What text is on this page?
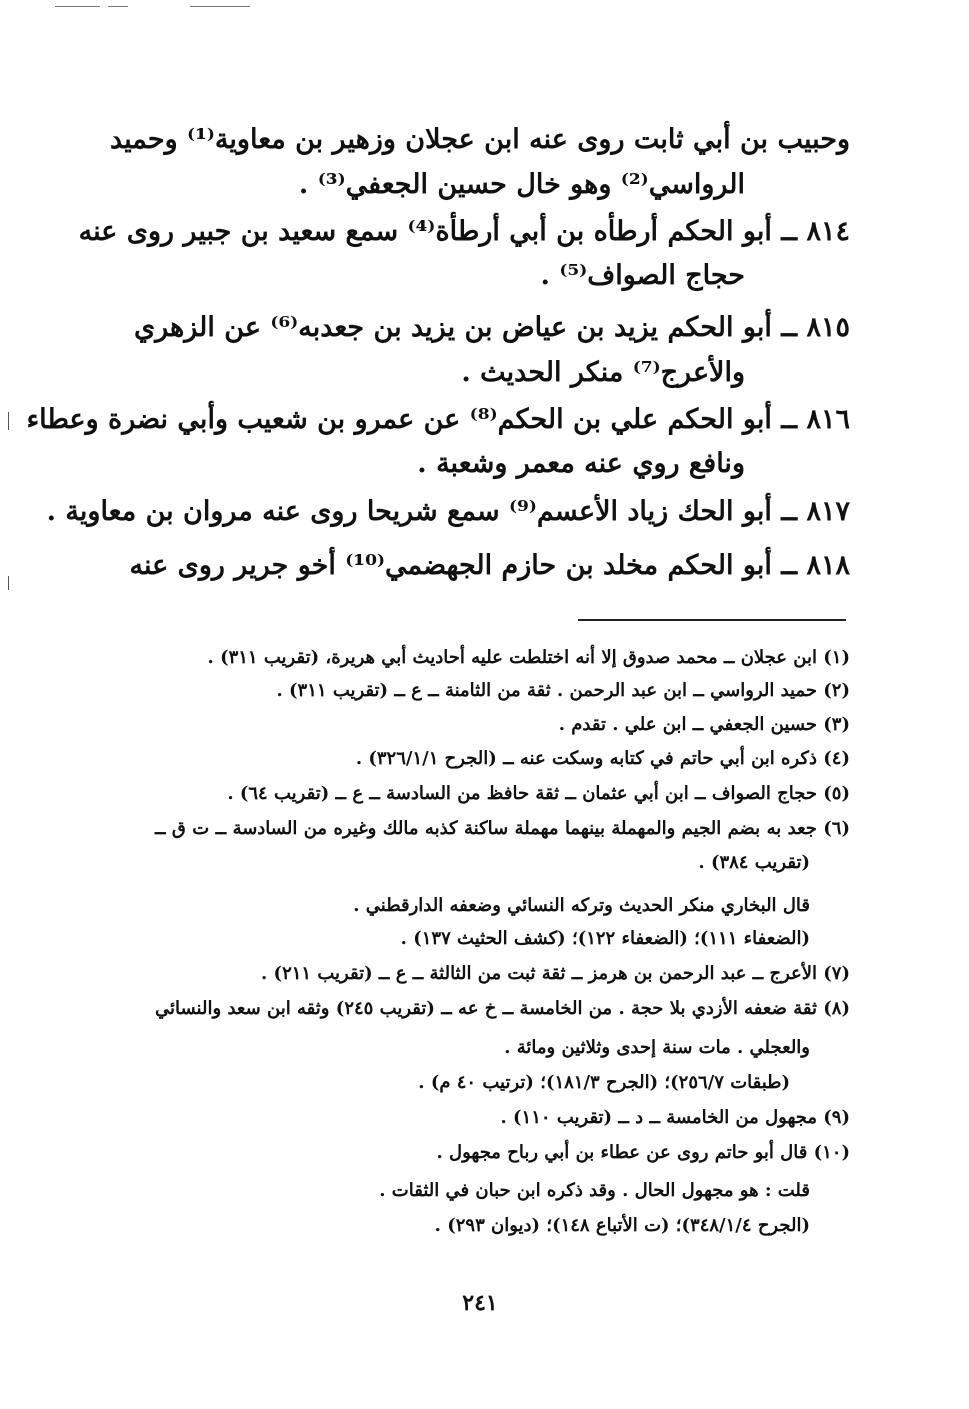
وحبيب بن أبي ثابت روى عنه ابن عجلان وزهير بن معاوية⁽¹⁾ وحميد
الرواسي⁽²⁾ وهو خال حسين الجعفي⁽³⁾ .
٨١٤ ــ أبو الحكم أرطأه بن أبي أرطأة⁽⁴⁾ سمع سعيد بن جبير روى عنه
حجاج الصواف⁽⁵⁾ .
٨١٥ ــ أبو الحكم يزيد بن عياض بن يزيد بن جعدبه⁽⁶⁾ عن الزهري
والأعرج⁽⁷⁾ منكر الحديث .
٨١٦ ــ أبو الحكم علي بن الحكم⁽⁸⁾ عن عمرو بن شعيب وأبي نضرة وعطاء
ونافع روي عنه معمر وشعبة .
٨١٧ ــ أبو الحك زياد الأعسم⁽⁹⁾ سمع شريحا روى عنه مروان بن معاوية .
٨١٨ ــ أبو الحكم مخلد بن حازم الجهضمي⁽¹⁰⁾ أخو جرير روى عنه
(١) ابن عجلان ــ محمد صدوق إلا أنه اختلطت عليه أحاديث أبي هريرة، (تقريب ٣١١) .
(٢) حميد الرواسي ــ ابن عبد الرحمن . ثقة من الثامنة ــ ع ــ (تقريب ٣١١) .
(٣) حسين الجعفي ــ ابن علي . تقدم .
(٤) ذكره ابن أبي حاتم في كتابه وسكت عنه ــ (الجرح ٣٢٦/١/١) .
(٥) حجاج الصواف ــ ابن أبي عثمان ــ ثقة حافظ من السادسة ــ ع ــ (تقريب ٦٤) .
(٦) جعد به بضم الجيم والمهملة بينهما مهملة ساكنة كذبه مالك وغيره من السادسة ــ ت ق ــ
(تقريب ٣٨٤) .
قال البخاري منكر الحديث وتركه النسائي وضعفه الدارقطني .
(الضعفاء ١١١)؛ (الضعفاء ١٢٢)؛ (كشف الحثيث ١٣٧) .
(٧) الأعرج ــ عبد الرحمن بن هرمز ــ ثقة ثبت من الثالثة ــ ع ــ (تقريب ٢١١) .
(٨) ثقة ضعفه الأزدي بلا حجة . من الخامسة ــ خ عه ــ (تقريب ٢٤٥) وثقه ابن سعد والنسائي
والعجلي . مات سنة إحدى وثلاثين ومائة .
(طبقات ٢٥٦/٧)؛ (الجرح ١٨١/٣)؛ (ترتيب ٤٠ م) .
(٩) مجهول من الخامسة ــ د ــ (تقريب ١١٠) .
(١٠) قال أبو حاتم روى عن عطاء بن أبي رباح مجهول .
قلت : هو مجهول الحال . وقد ذكره ابن حبان في الثقات .
(الجرح ٣٤٨/١/٤)؛ (ت الأتباع ١٤٨)؛ (ديوان ٢٩٣) .
٢٤١
